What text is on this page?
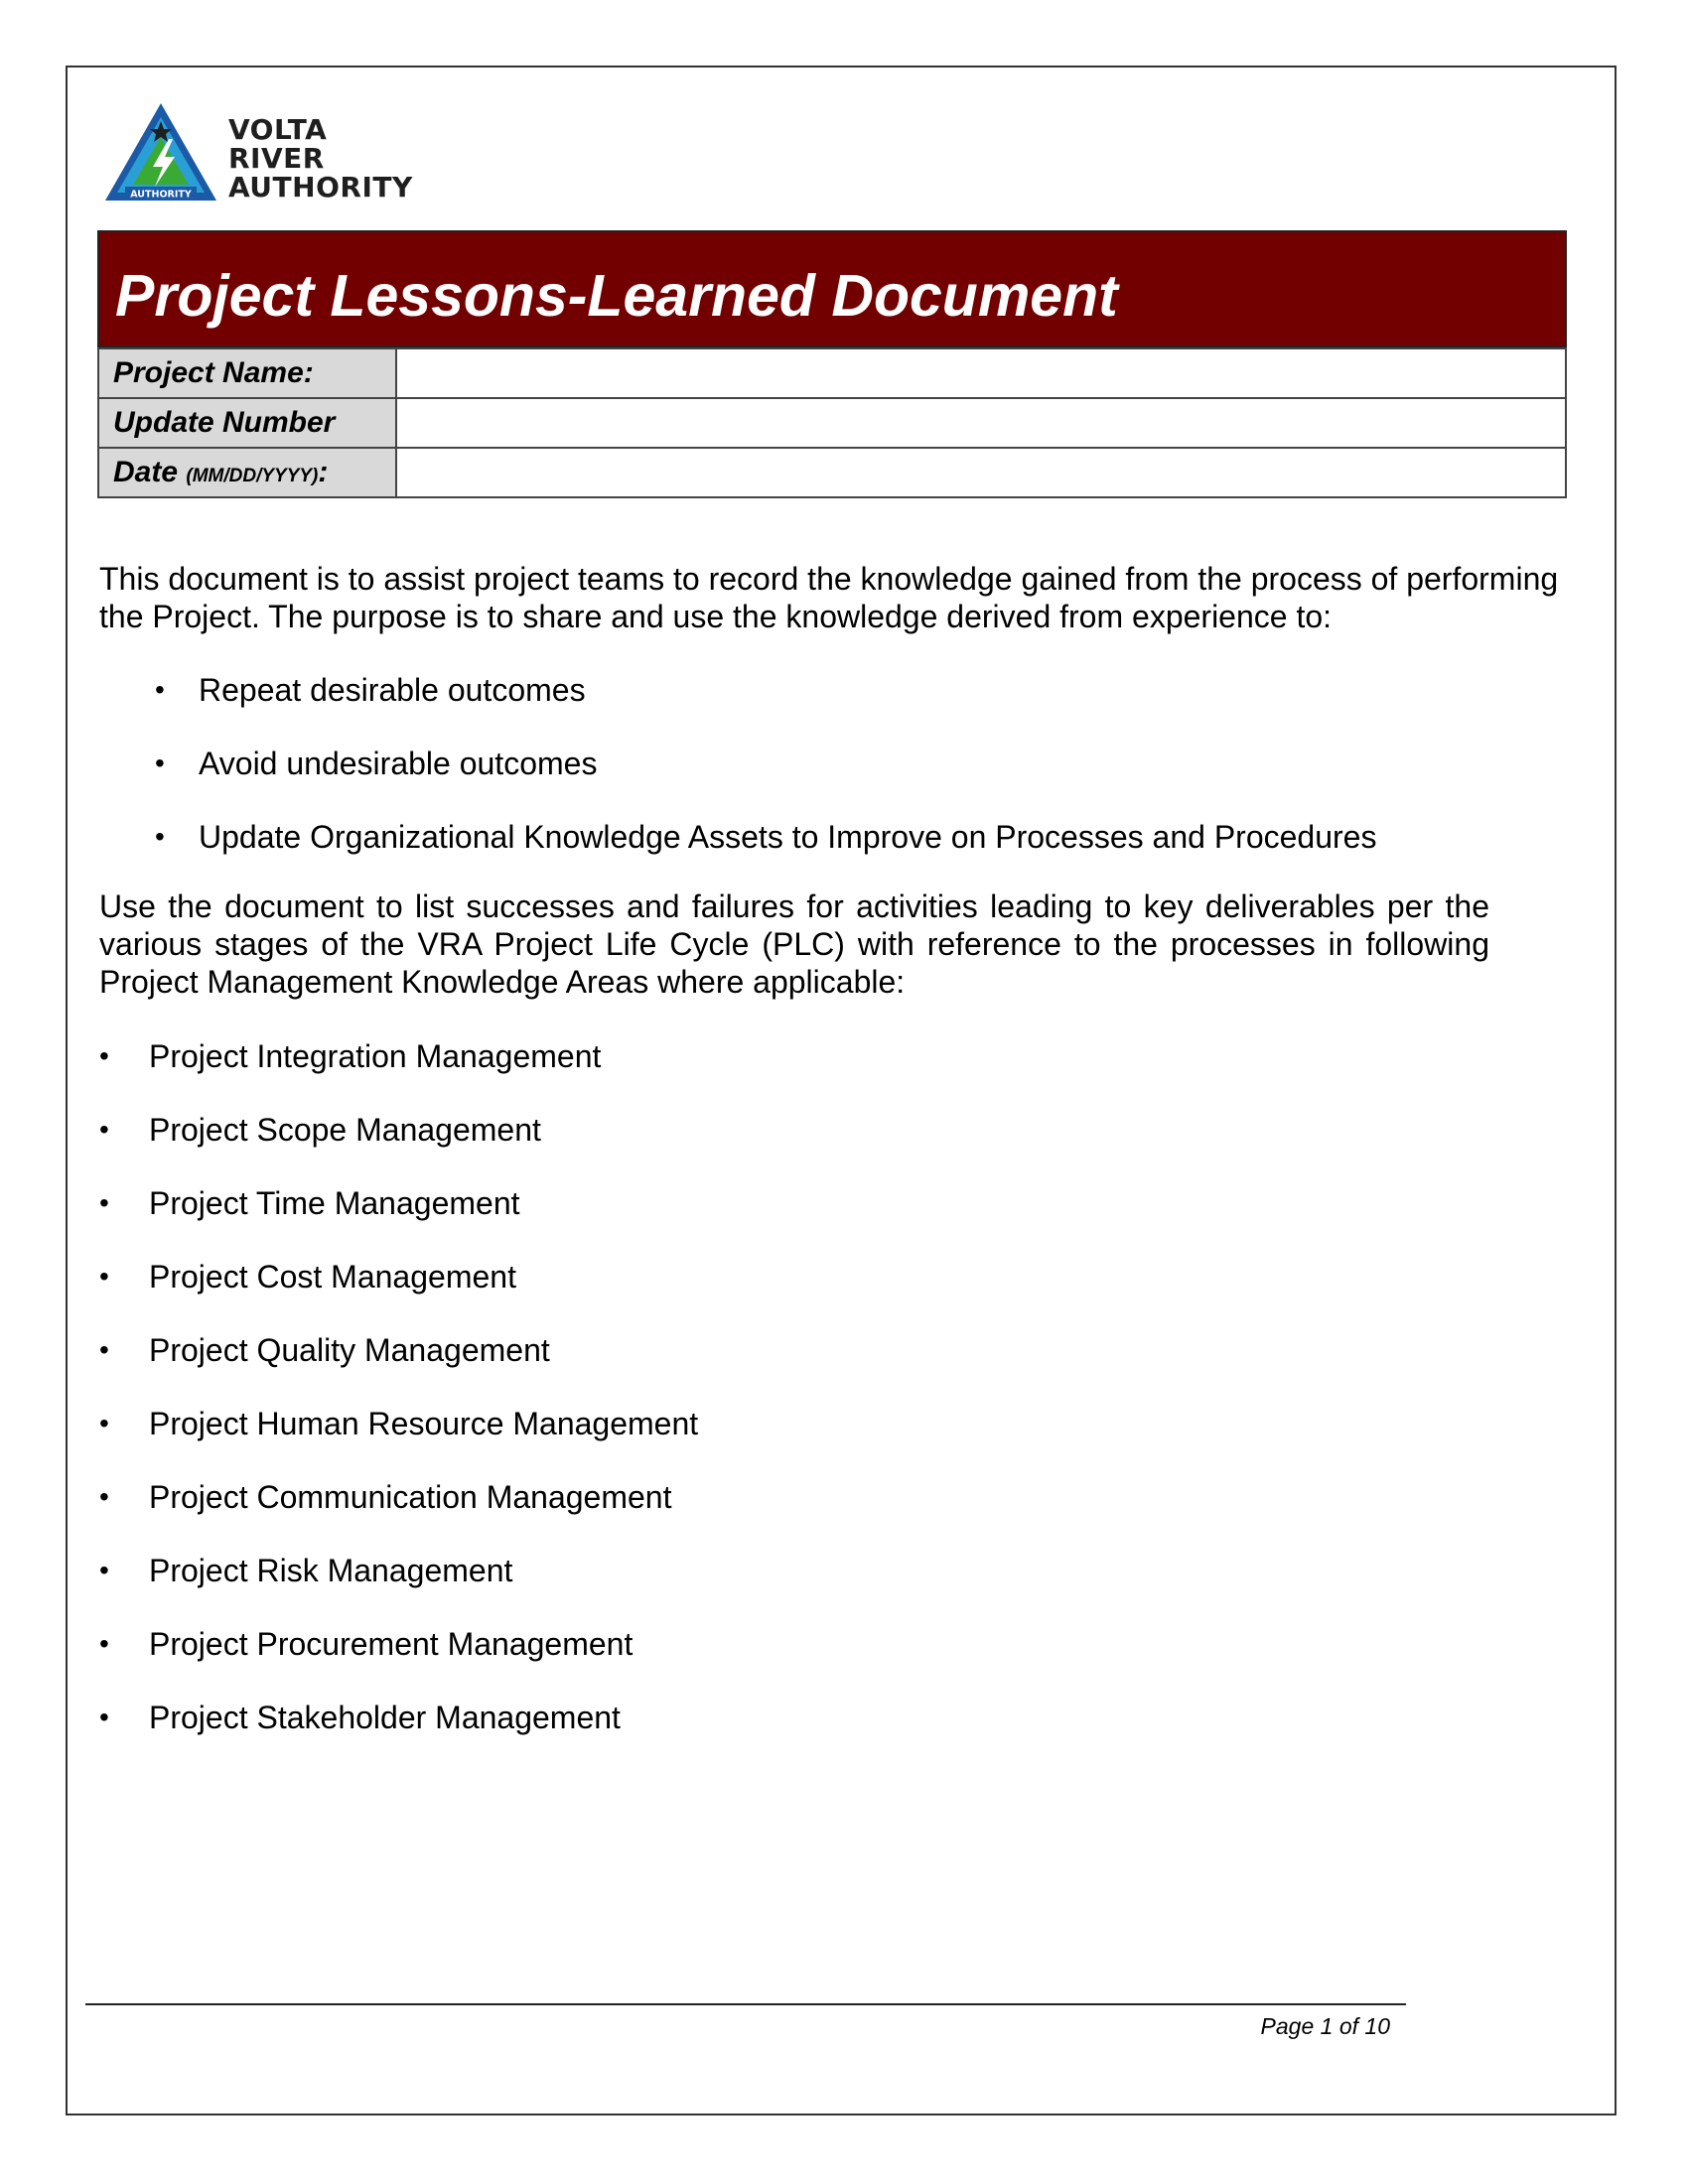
AUTHORITY
VOLTA
RIVER
AUTHORITY
Project Lessons-Learned Document
Project Name:	
Update Number	
Date (MM/DD/YYYY):	
This document is to assist project teams to record the knowledge gained from the process of performing the Project. The purpose is to share and use the knowledge derived from experience to:
• Repeat desirable outcomes
• Avoid undesirable outcomes
• Update Organizational Knowledge Assets to Improve on Processes and Procedures
Use the document to list successes and failures for activities leading to key deliverables per the various stages of the VRA Project Life Cycle (PLC) with reference to the processes in following Project Management Knowledge Areas where applicable:
• Project Integration Management
• Project Scope Management
• Project Time Management
• Project Cost Management
• Project Quality Management
• Project Human Resource Management
• Project Communication Management
• Project Risk Management
• Project Procurement Management
• Project Stakeholder Management
Page 1 of 10
